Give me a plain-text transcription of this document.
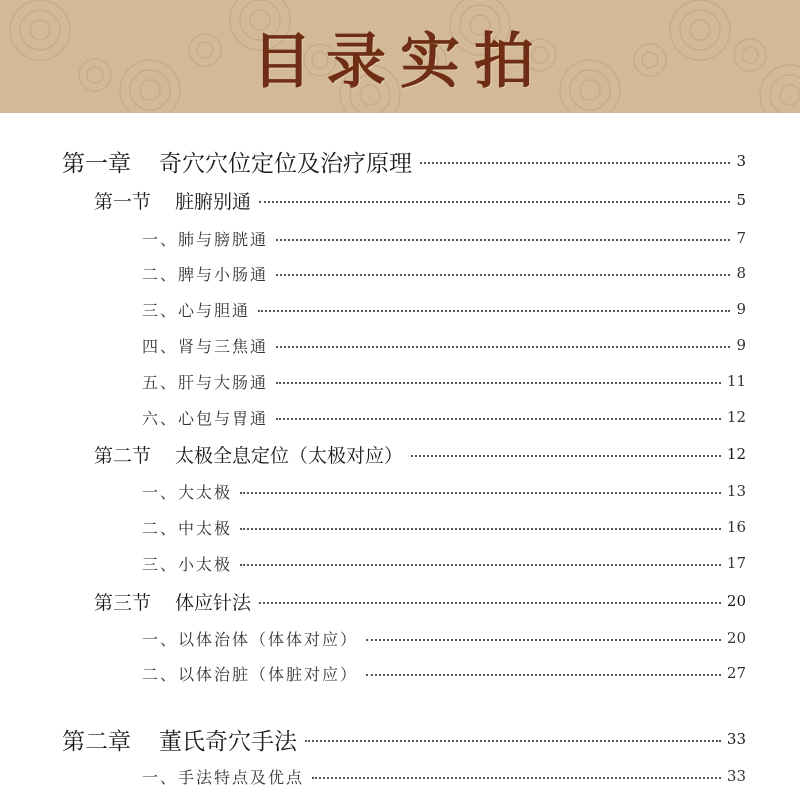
目录实拍
第一章 奇穴穴位定位及治疗原理	3
第一节 脏腑别通	5
一、肺与膀胱通	7
二、脾与小肠通	8
三、心与胆通	9
四、肾与三焦通	9
五、肝与大肠通	11
六、心包与胃通	12
第二节 太极全息定位（太极对应）	12
一、大太极	13
二、中太极	16
三、小太极	17
第三节 体应针法	20
一、以体治体（体体对应）	20
二、以体治脏（体脏对应）	27
第二章 董氏奇穴手法	33
一、手法特点及优点	33
